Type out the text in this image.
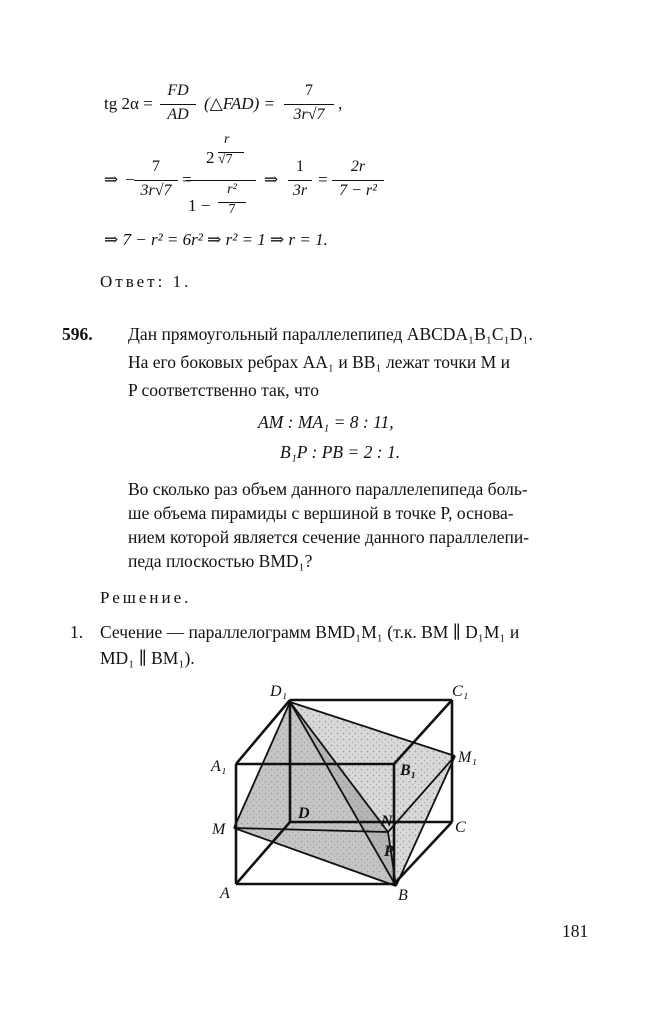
tg 2α =
FD
AD
(△FAD) =
7
3r√7
,
⇒ −
7
3r√7
=
2
r
√7
1 −
r²
7
⇒
1
3r
=
2r
7 − r²
⇒ 7 − r² = 6r² ⇒ r² = 1 ⇒ r = 1.
Ответ: 1.
596. Дан прямоугольный параллелепипед ABCDA₁B₁C₁D₁.
На его боковых ребрах AA₁ и BB₁ лежат точки M и
P соответственно так, что
AM : MA₁ = 8 : 11,
B₁P : PB = 2 : 1.
Во сколько раз объем данного параллелепипеда боль-
ше объема пирамиды с вершиной в точке P, основа-
нием которой является сечение данного параллелепи-
педа плоскостью BMD₁?
Решение.
1. Сечение — параллелограмм BMD₁M₁ (т.к. BM ∥ D₁M₁ и
MD₁ ∥ BM₁).
D₁	C₁
A₁	B₁
M₁
D	N
M	C
P
A	B
181
